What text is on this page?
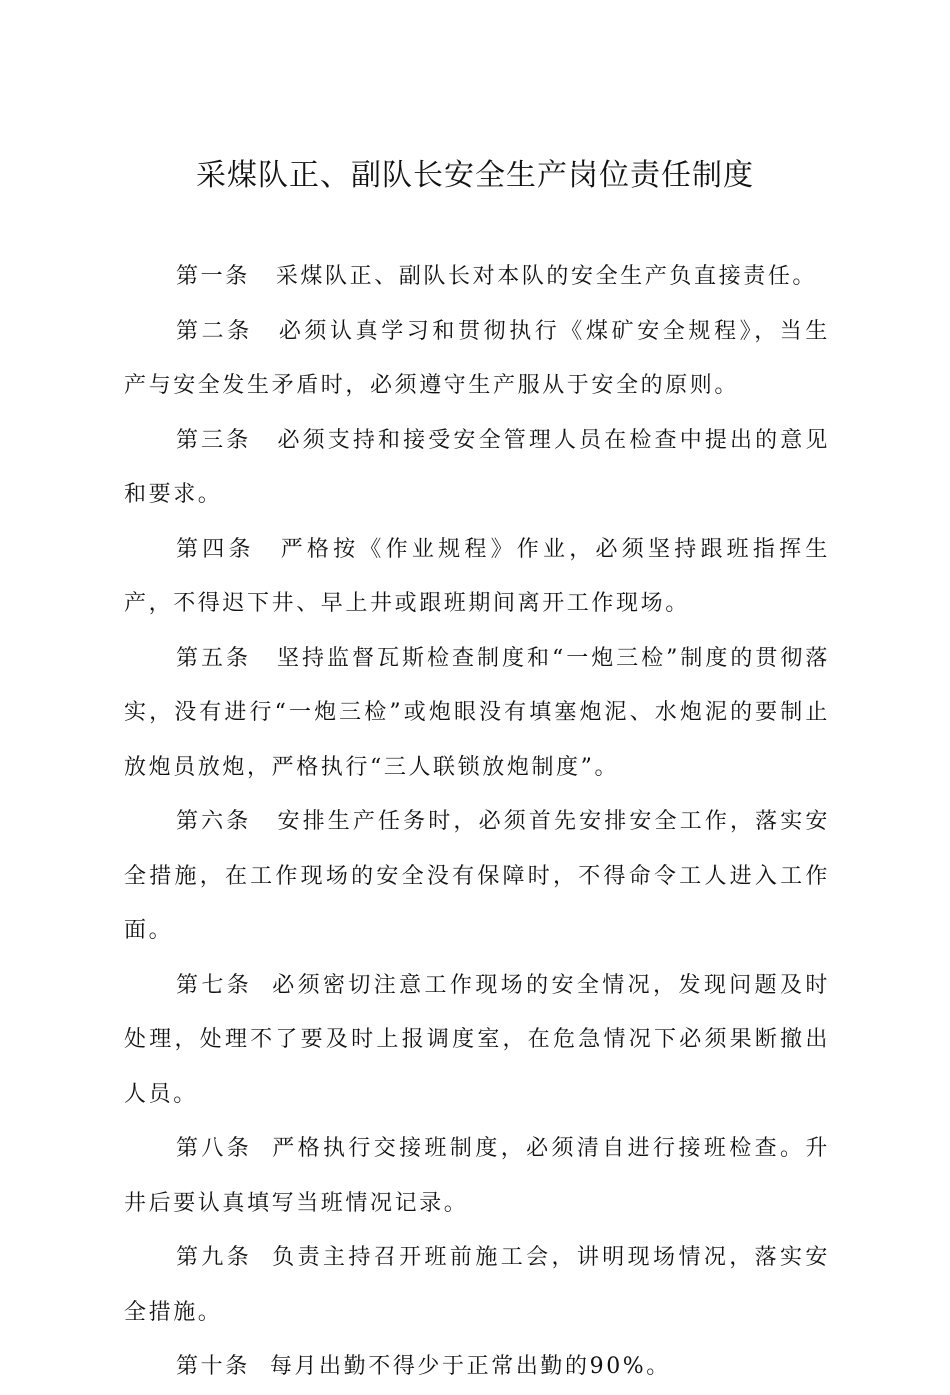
采煤队正、副队长安全生产岗位责任制度

第一条 采煤队正、副队长对本队的安全生产负直接责任。

第二条 必须认真学习和贯彻执行《煤矿安全规程》，当生产与安全发生矛盾时，必须遵守生产服从于安全的原则。

第三条 必须支持和接受安全管理人员在检查中提出的意见和要求。

第四条 严格按《作业规程》作业，必须坚持跟班指挥生产，不得迟下井、早上井或跟班期间离开工作现场。

第五条 坚持监督瓦斯检查制度和“一炮三检”制度的贯彻落实，没有进行“一炮三检”或炮眼没有填塞炮泥、水炮泥的要制止放炮员放炮，严格执行“三人联锁放炮制度”。

第六条 安排生产任务时，必须首先安排安全工作，落实安全措施，在工作现场的安全没有保障时，不得命令工人进入工作面。

第七条 必须密切注意工作现场的安全情况，发现问题及时处理，处理不了要及时上报调度室，在危急情况下必须果断撤出人员。

第八条 严格执行交接班制度，必须清自进行接班检查。升井后要认真填写当班情况记录。

第九条 负责主持召开班前施工会，讲明现场情况，落实安全措施。

第十条 每月出勤不得少于正常出勤的90%。
